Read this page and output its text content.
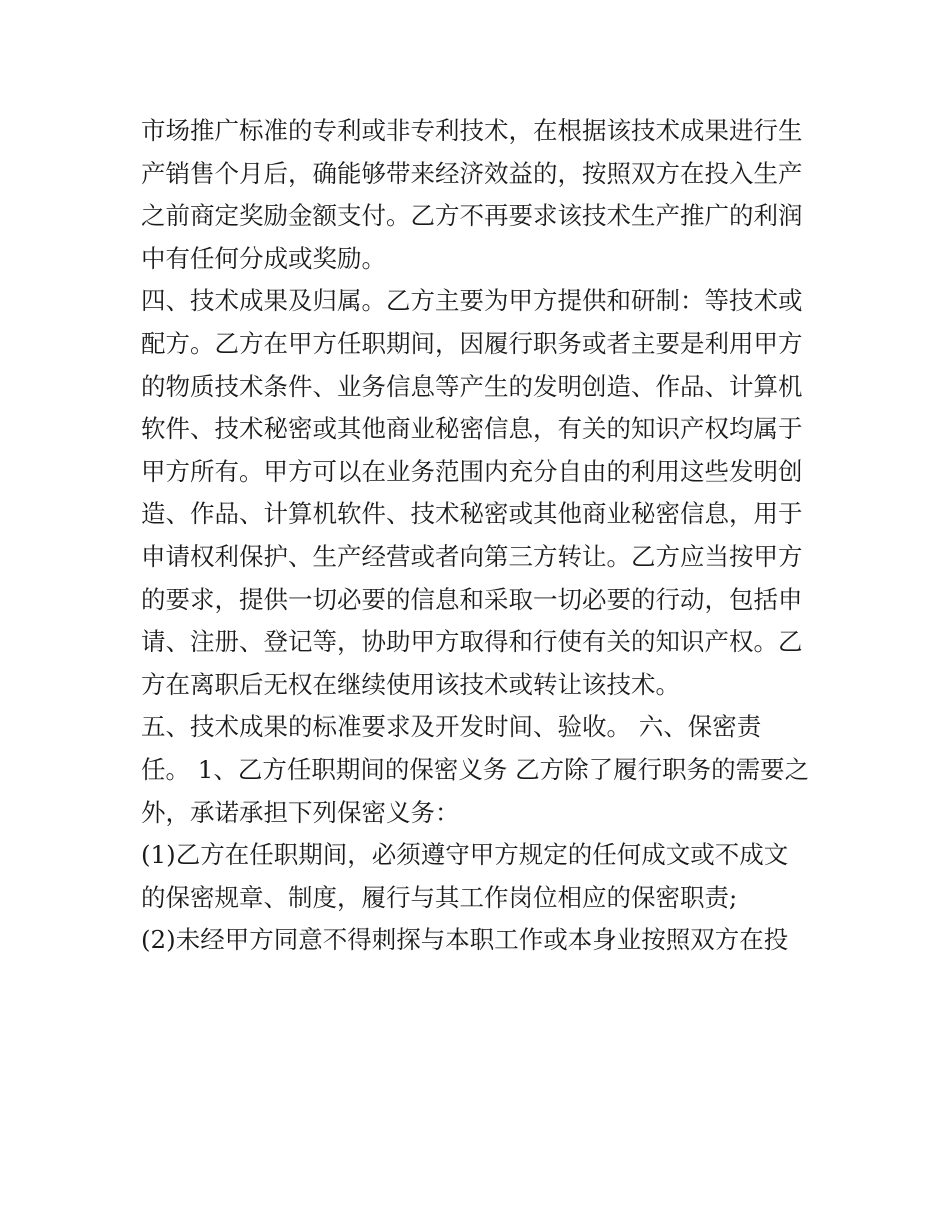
市场推广标准的专利或非专利技术，在根据该技术成果进行生
产销售个月后，确能够带来经济效益的，按照双方在投入生产
之前商定奖励金额支付。乙方不再要求该技术生产推广的利润
中有任何分成或奖励。
四、技术成果及归属。乙方主要为甲方提供和研制：等技术或
配方。乙方在甲方任职期间，因履行职务或者主要是利用甲方
的物质技术条件、业务信息等产生的发明创造、作品、计算机
软件、技术秘密或其他商业秘密信息，有关的知识产权均属于
甲方所有。甲方可以在业务范围内充分自由的利用这些发明创
造、作品、计算机软件、技术秘密或其他商业秘密信息，用于
申请权利保护、生产经营或者向第三方转让。乙方应当按甲方
的要求，提供一切必要的信息和采取一切必要的行动，包括申
请、注册、登记等，协助甲方取得和行使有关的知识产权。乙
方在离职后无权在继续使用该技术或转让该技术。
五、技术成果的标准要求及开发时间、验收。 六、保密责
任。 1、乙方任职期间的保密义务 乙方除了履行职务的需要之
外，承诺承担下列保密义务：
(1)乙方在任职期间，必须遵守甲方规定的任何成文或不成文
的保密规章、制度，履行与其工作岗位相应的保密职责;
(2)未经甲方同意不得刺探与本职工作或本身业按照双方在投
